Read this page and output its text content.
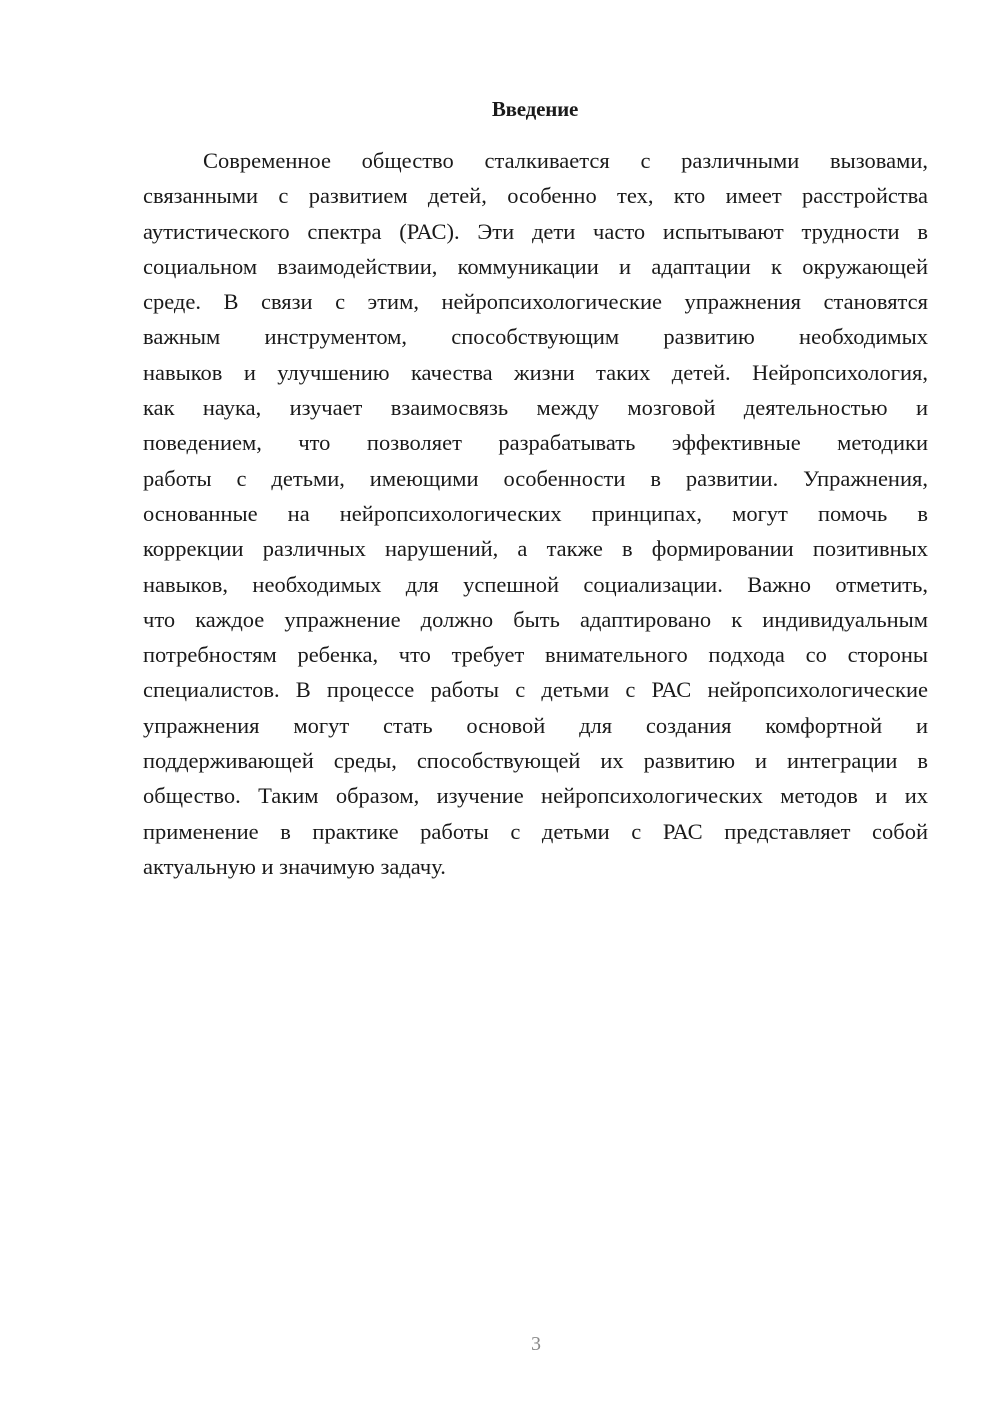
Введение
Современное общество сталкивается с различными вызовами,
связанными с развитием детей, особенно тех, кто имеет расстройства
аутистического спектра (РАС). Эти дети часто испытывают трудности в
социальном взаимодействии, коммуникации и адаптации к окружающей
среде. В связи с этим, нейропсихологические упражнения становятся
важным инструментом, способствующим развитию необходимых
навыков и улучшению качества жизни таких детей. Нейропсихология,
как наука, изучает взаимосвязь между мозговой деятельностью и
поведением, что позволяет разрабатывать эффективные методики
работы с детьми, имеющими особенности в развитии. Упражнения,
основанные на нейропсихологических принципах, могут помочь в
коррекции различных нарушений, а также в формировании позитивных
навыков, необходимых для успешной социализации. Важно отметить,
что каждое упражнение должно быть адаптировано к индивидуальным
потребностям ребенка, что требует внимательного подхода со стороны
специалистов. В процессе работы с детьми с РАС нейропсихологические
упражнения могут стать основой для создания комфортной и
поддерживающей среды, способствующей их развитию и интеграции в
общество. Таким образом, изучение нейропсихологических методов и их
применение в практике работы с детьми с РАС представляет собой
актуальную и значимую задачу.
3
